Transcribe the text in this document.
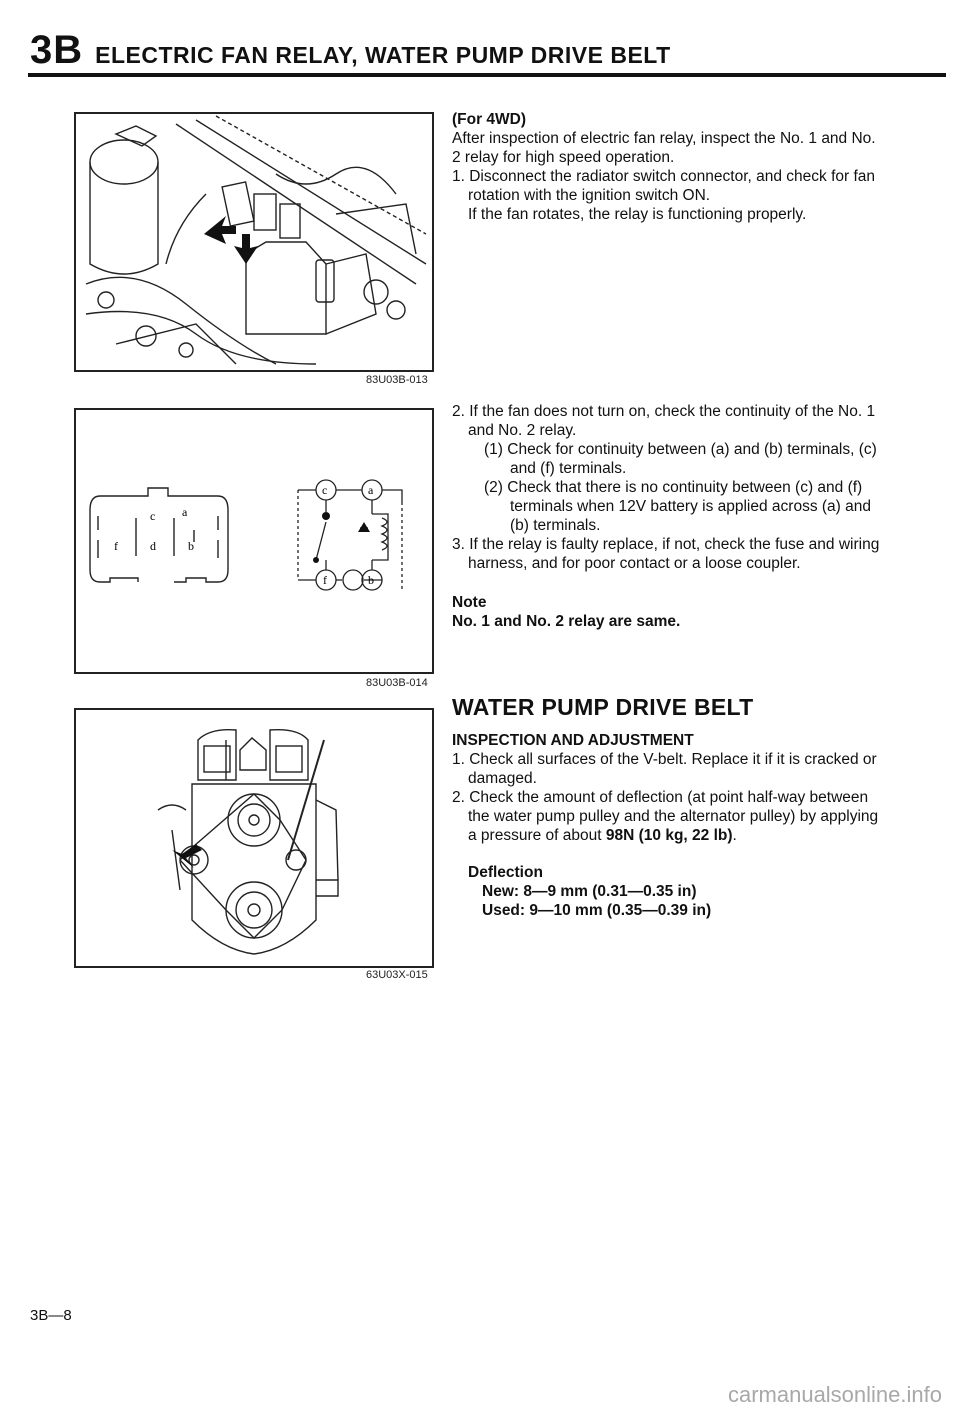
3B ELECTRIC FAN RELAY, WATER PUMP DRIVE BELT
83U03B-013
c a
f	d	b
c	a
f	b
83U03B-014
63U03X-015

(For 4WD)

After inspection of electric fan relay, inspect the No. 1 and No. 2 relay for high speed operation.

1. Disconnect the radiator switch connector, and check for fan rotation with the ignition switch ON.

If the fan rotates, the relay is functioning properly.

2. If the fan does not turn on, check the continuity of the No. 1 and No. 2 relay.

(1) Check for continuity between (a) and (b) terminals, (c) and (f) terminals.

(2) Check that there is no continuity between (c) and (f) terminals when 12V battery is applied across (a) and (b) terminals.

3. If the relay is faulty replace, if not, check the fuse and wiring harness, and for poor contact or a loose coupler.

Note

No. 1 and No. 2 relay are same.

WATER PUMP DRIVE BELT

INSPECTION AND ADJUSTMENT

1. Check all surfaces of the V-belt. Replace it if it is cracked or damaged.

2. Check the amount of deflection (at point half-way between the water pump pulley and the alternator pulley) by applying a pressure of about 98N (10 kg, 22 lb).

Deflection

New: 8—9 mm (0.31—0.35 in)

Used: 9—10 mm (0.35—0.39 in)

3B—8
carmanualsonline.info
